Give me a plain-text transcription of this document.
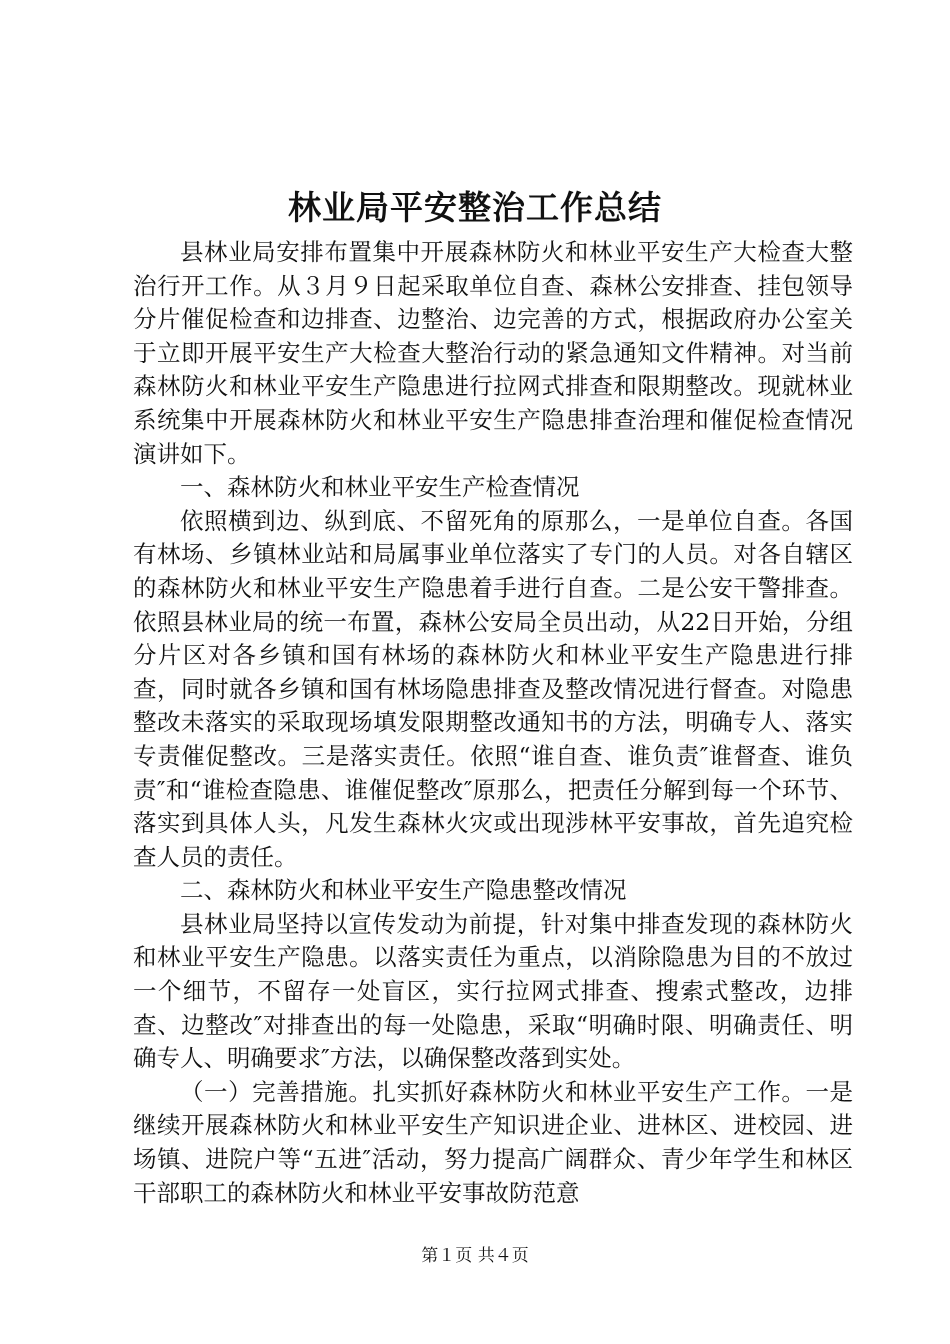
林业局平安整治工作总结

县林业局安排布置集中开展森林防火和林业平安生产大检查大整治行开工作。从３月９日起采取单位自查、森林公安排查、挂包领导分片催促检查和边排查、边整治、边完善的方式，根据政府办公室关于立即开展平安生产大检查大整治行动的紧急通知文件精神。对当前森林防火和林业平安生产隐患进行拉网式排查和限期整改。现就林业系统集中开展森林防火和林业平安生产隐患排查治理和催促检查情况演讲如下。

一、森林防火和林业平安生产检查情况

依照横到边、纵到底、不留死角的原那么，一是单位自查。各国有林场、乡镇林业站和局属事业单位落实了专门的人员。对各自辖区的森林防火和林业平安生产隐患着手进行自查。二是公安干警排查。依照县林业局的统一布置，森林公安局全员出动，从22日开始，分组分片区对各乡镇和国有林场的森林防火和林业平安生产隐患进行排查，同时就各乡镇和国有林场隐患排查及整改情况进行督查。对隐患整改未落实的采取现场填发限期整改通知书的方法，明确专人、落实专责催促整改。三是落实责任。依照“谁自查、谁负责″谁督查、谁负责″和“谁检查隐患、谁催促整改″原那么，把责任分解到每一个环节、落实到具体人头，凡发生森林火灾或出现涉林平安事故，首先追究检查人员的责任。

二、森林防火和林业平安生产隐患整改情况

县林业局坚持以宣传发动为前提，针对集中排查发现的森林防火和林业平安生产隐患。以落实责任为重点，以消除隐患为目的不放过一个细节，不留存一处盲区，实行拉网式排查、搜索式整改，边排查、边整改″对排查出的每一处隐患，采取“明确时限、明确责任、明确专人、明确要求″方法，以确保整改落到实处。

（一）完善措施。扎实抓好森林防火和林业平安生产工作。一是继续开展森林防火和林业平安生产知识进企业、进林区、进校园、进场镇、进院户等“五进″活动，努力提高广阔群众、青少年学生和林区干部职工的森林防火和林业平安事故防范意

第１页 共４页
